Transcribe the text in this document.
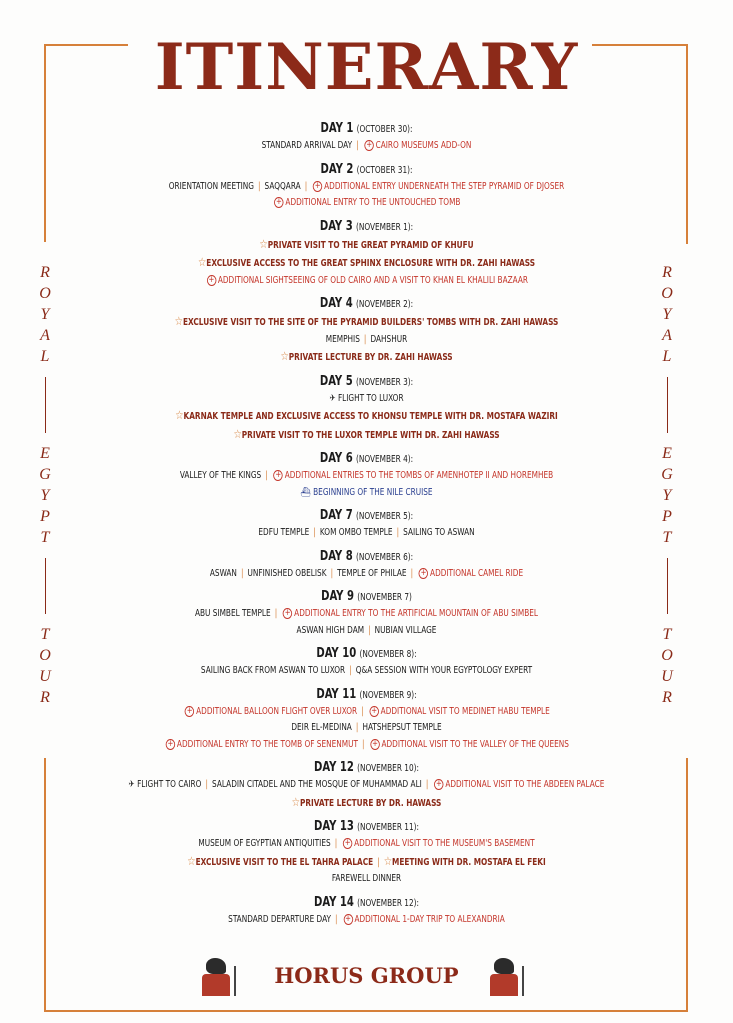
ITINERARY
R
O
Y
A
L
E
G
Y
P
T
T
O
U
R
R
O
Y
A
L
E
G
Y
P
T
T
O
U
R
DAY 1 (OCTOBER 30):
STANDARD ARRIVAL DAY | + CAIRO MUSEUMS ADD-ON
DAY 2 (OCTOBER 31):
ORIENTATION MEETING | SAQQARA | + ADDITIONAL ENTRY UNDERNEATH THE STEP PYRAMID OF DJOSER
+ ADDITIONAL ENTRY TO THE UNTOUCHED TOMB
DAY 3 (NOVEMBER 1):
☆PRIVATE VISIT TO THE GREAT PYRAMID OF KHUFU
☆EXCLUSIVE ACCESS TO THE GREAT SPHINX ENCLOSURE WITH DR. ZAHI HAWASS
+ ADDITIONAL SIGHTSEEING OF OLD CAIRO AND A VISIT TO KHAN EL KHALILI BAZAAR
DAY 4 (NOVEMBER 2):
☆EXCLUSIVE VISIT TO THE SITE OF THE PYRAMID BUILDERS' TOMBS WITH DR. ZAHI HAWASS
MEMPHIS | DAHSHUR
☆PRIVATE LECTURE BY DR. ZAHI HAWASS
DAY 5 (NOVEMBER 3):
✈ FLIGHT TO LUXOR
☆KARNAK TEMPLE AND EXCLUSIVE ACCESS TO KHONSU TEMPLE WITH DR. MOSTAFA WAZIRI
☆PRIVATE VISIT TO THE LUXOR TEMPLE WITH DR. ZAHI HAWASS
DAY 6 (NOVEMBER 4):
VALLEY OF THE KINGS | + ADDITIONAL ENTRIES TO THE TOMBS OF AMENHOTEP II AND HOREMHEB
⛴ BEGINNING OF THE NILE CRUISE
DAY 7 (NOVEMBER 5):
EDFU TEMPLE | KOM OMBO TEMPLE | SAILING TO ASWAN
DAY 8 (NOVEMBER 6):
ASWAN | UNFINISHED OBELISK | TEMPLE OF PHILAE | + ADDITIONAL CAMEL RIDE
DAY 9 (NOVEMBER 7)
ABU SIMBEL TEMPLE | + ADDITIONAL ENTRY TO THE ARTIFICIAL MOUNTAIN OF ABU SIMBEL
ASWAN HIGH DAM | NUBIAN VILLAGE
DAY 10 (NOVEMBER 8):
SAILING BACK FROM ASWAN TO LUXOR | Q&A SESSION WITH YOUR EGYPTOLOGY EXPERT
DAY 11 (NOVEMBER 9):
+ ADDITIONAL BALLOON FLIGHT OVER LUXOR | + ADDITIONAL VISIT TO MEDINET HABU TEMPLE
DEIR EL-MEDINA | HATSHEPSUT TEMPLE
+ ADDITIONAL ENTRY TO THE TOMB OF SENENMUT | + ADDITIONAL VISIT TO THE VALLEY OF THE QUEENS
DAY 12 (NOVEMBER 10):
✈ FLIGHT TO CAIRO | SALADIN CITADEL AND THE MOSQUE OF MUHAMMAD ALI | + ADDITIONAL VISIT TO THE ABDEEN PALACE
☆PRIVATE LECTURE BY DR. HAWASS
DAY 13 (NOVEMBER 11):
MUSEUM OF EGYPTIAN ANTIQUITIES | + ADDITIONAL VISIT TO THE MUSEUM'S BASEMENT
☆EXCLUSIVE VISIT TO THE EL TAHRA PALACE | ☆MEETING WITH DR. MOSTAFA EL FEKI
FAREWELL DINNER
DAY 14 (NOVEMBER 12):
STANDARD DEPARTURE DAY | + ADDITIONAL 1-DAY TRIP TO ALEXANDRIA
HORUS GROUP
